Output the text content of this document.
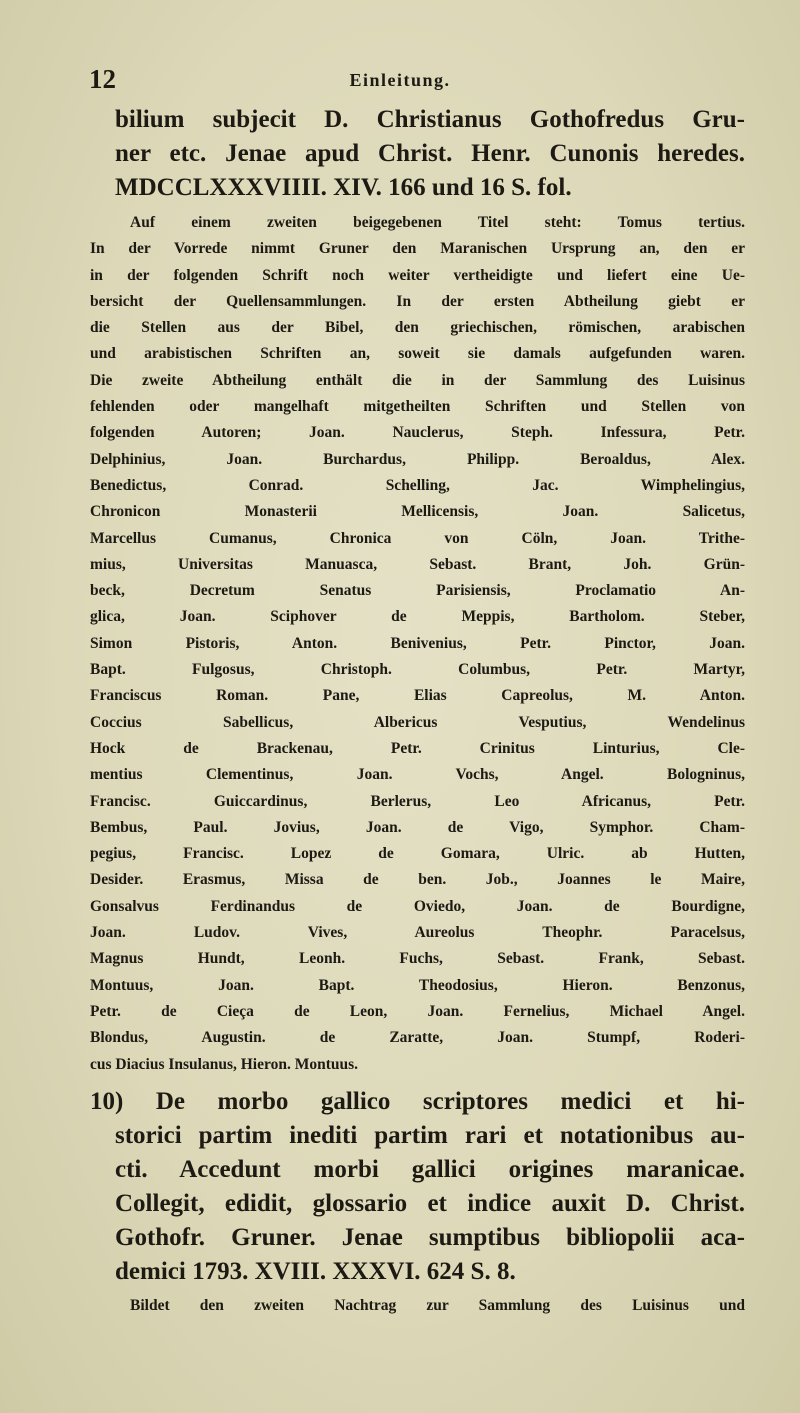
12	Einleitung.
bilium subjecit D. Christianus Gothofredus Gru-
ner etc. Jenae apud Christ. Henr. Cunonis heredes.
MDCCLXXXVIIII. XIV. 166 und 16 S. fol.
Auf einem zweiten beigegebenen Titel steht: Tomus tertius.
In der Vorrede nimmt Gruner den Maranischen Ursprung an, den er
in der folgenden Schrift noch weiter vertheidigte und liefert eine Ue-
bersicht der Quellensammlungen. In der ersten Abtheilung giebt er
die Stellen aus der Bibel, den griechischen, römischen, arabischen
und arabistischen Schriften an, soweit sie damals aufgefunden waren.
Die zweite Abtheilung enthält die in der Sammlung des Luisinus
fehlenden oder mangelhaft mitgetheilten Schriften und Stellen von
folgenden Autoren; Joan. Nauclerus, Steph. Infessura, Petr.
Delphinius, Joan. Burchardus, Philipp. Beroaldus, Alex.
Benedictus, Conrad. Schelling, Jac. Wimphelingius,
Chronicon Monasterii Mellicensis, Joan. Salicetus,
Marcellus Cumanus, Chronica von Cöln, Joan. Trithe-
mius, Universitas Manuasca, Sebast. Brant, Joh. Grün-
beck, Decretum Senatus Parisiensis, Proclamatio An-
glica, Joan. Sciphover de Meppis, Bartholom. Steber,
Simon Pistoris, Anton. Benivenius, Petr. Pinctor, Joan.
Bapt. Fulgosus, Christoph. Columbus, Petr. Martyr,
Franciscus Roman. Pane, Elias Capreolus, M. Anton.
Coccius Sabellicus, Albericus Vesputius, Wendelinus
Hock de Brackenau, Petr. Crinitus Linturius, Cle-
mentius Clementinus, Joan. Vochs, Angel. Bologninus,
Francisc. Guiccardinus, Berlerus, Leo Africanus, Petr.
Bembus, Paul. Jovius, Joan. de Vigo, Symphor. Cham-
pegius, Francisc. Lopez de Gomara, Ulric. ab Hutten,
Desider. Erasmus, Missa de ben. Job., Joannes le Maire,
Gonsalvus Ferdinandus de Oviedo, Joan. de Bourdigne,
Joan. Ludov. Vives, Aureolus Theophr. Paracelsus,
Magnus Hundt, Leonh. Fuchs, Sebast. Frank, Sebast.
Montuus, Joan. Bapt. Theodosius, Hieron. Benzonus,
Petr. de Cieça de Leon, Joan. Fernelius, Michael Angel.
Blondus, Augustin. de Zaratte, Joan. Stumpf, Roderi-
cus Diacius Insulanus, Hieron. Montuus.
10) De morbo gallico scriptores medici et hi-
storici partim inediti partim rari et notationibus au-
cti. Accedunt morbi gallici origines maranicae.
Collegit, edidit, glossario et indice auxit D. Christ.
Gothofr. Gruner. Jenae sumptibus bibliopolii aca-
demici 1793. XVIII. XXXVI. 624 S. 8.
Bildet den zweiten Nachtrag zur Sammlung des Luisinus und
